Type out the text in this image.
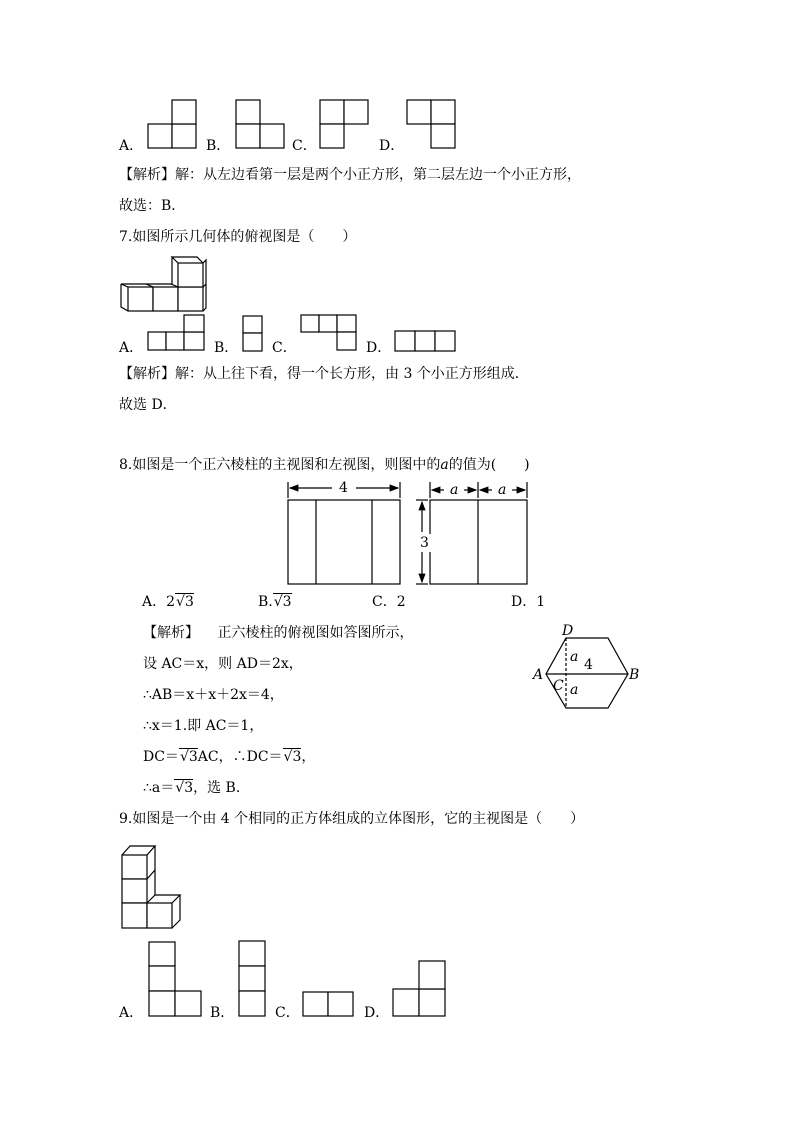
A．	B．	C．	D．
【解析】解：从左边看第一层是两个小正方形，第二层左边一个小正方形，
故选：B．
7.如图所示几何体的俯视图是（　　）
A．	B． C．	D．
【解析】解：从上往下看，得一个长方形，由 3 个小正方形组成．
故选 D．
8.如图是一个正六棱柱的主视图和左视图，则图中的a的值为(　　)
4	a	a
3
A．2√3	B.√3	C．2	D．1
【解析】 正六棱柱的俯视图如答图所示，
设 AC＝x，则 AD＝2x，
∴AB＝x＋x＋2x＝4，
∴x＝1.即 AC＝1，
DC＝√3AC，∴DC＝√3，
∴a＝√3，选 B.
D
A	B
C
4
a
a
9.如图是一个由 4 个相同的正方体组成的立体图形，它的主视图是（　　）
A．	B．	C．	D．
